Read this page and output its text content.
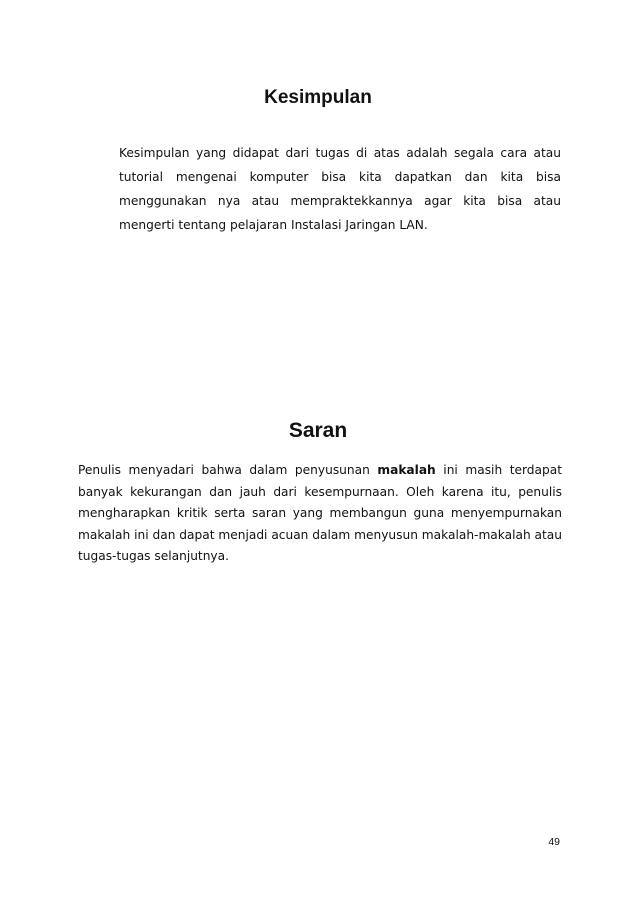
Kesimpulan

Kesimpulan yang didapat dari tugas di atas adalah segala cara atau tutorial mengenai komputer bisa kita dapatkan dan kita bisa menggunakan nya atau mempraktekkannya agar kita bisa atau mengerti tentang pelajaran Instalasi Jaringan LAN.

Saran

Penulis menyadari bahwa dalam penyusunan makalah ini masih terdapat banyak kekurangan dan jauh dari kesempurnaan. Oleh karena itu, penulis mengharapkan kritik serta saran yang membangun guna menyempurnakan makalah ini dan dapat menjadi acuan dalam menyusun makalah-makalah atau tugas-tugas selanjutnya.

49
